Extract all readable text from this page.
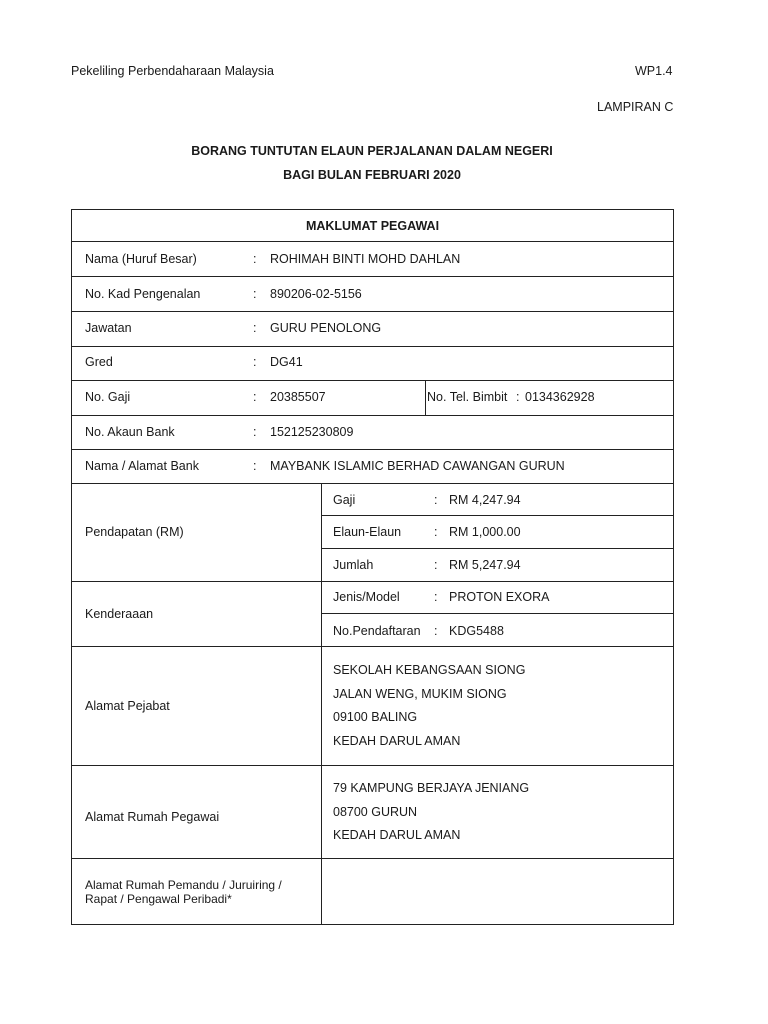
Pekeliling Perbendaharaan Malaysia	WP1.4
LAMPIRAN C
BORANG TUNTUTAN ELAUN PERJALANAN DALAM NEGERI
BAGI BULAN FEBRUARI 2020
MAKLUMAT PEGAWAI
Nama (Huruf Besar)	: ROHIMAH BINTI MOHD DAHLAN
No. Kad Pengenalan	: 890206-02-5156
Jawatan	: GURU PENOLONG
Gred	: DG41
No. Gaji	: 20385507	No. Tel. Bimbit : 0134362928
No. Akaun Bank	: 152125230809
Nama / Alamat Bank	: MAYBANK ISLAMIC BERHAD CAWANGAN GURUN
Pendapatan (RM)
Gaji	: RM 4,247.94
Elaun-Elaun	: RM 1,000.00
Jumlah	: RM 5,247.94
Kenderaaan
Jenis/Model	: PROTON EXORA
No.Pendaftaran : KDG5488
Alamat Pejabat
SEKOLAH KEBANGSAAN SIONG
JALAN WENG, MUKIM SIONG
09100 BALING
KEDAH DARUL AMAN
Alamat Rumah Pegawai
79 KAMPUNG BERJAYA JENIANG
08700 GURUN
KEDAH DARUL AMAN
Alamat Rumah Pemandu / Juruiring /
Rapat / Pengawal Peribadi*
